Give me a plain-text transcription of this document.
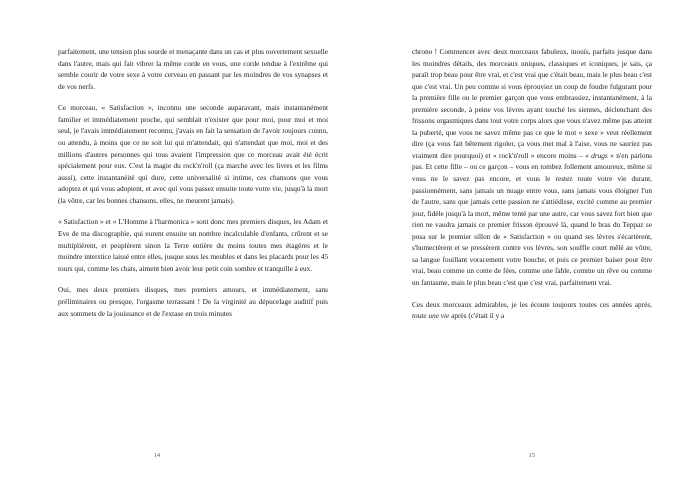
parfaitement, une tension plus sourde et menaçante dans un cas et plus ouvertement sexuelle dans l'autre, mais qui fait vibrer la même corde en vous, une corde tendue à l'extrême qui semble courir de votre sexe à votre cerveau en passant par les moindres de vos synapses et de vos nerfs.

Ce morceau, « Satisfaction », inconnu une seconde auparavant, mais instantanément familier et immédiatement proche, qui semblait n'exister que pour moi, pour moi et moi seul, je l'avais immédiatement reconnu, j'avais en fait la sensation de l'avoir toujours connu, ou attendu, à moins que ce ne soit lui qui m'attendait, qui n'attendait que moi, moi et des millions d'autres personnes qui tous avaient l'impression que ce morceau avait été écrit spécialement pour eux. C'est la magie du rock'n'roll (ça marche avec les livres et les films aussi), cette instantanéité qui dure, cette universalité si intime, ces chansons que vous adoptez et qui vous adoptent, et avec qui vous passez ensuite toute votre vie, jusqu'à la mort (la vôtre, car les bonnes chansons, elles, ne meurent jamais).

« Satisfaction » et « L'Homme à l'harmonica » sont donc mes premiers disques, les Adam et Eve de ma discographie, qui eurent ensuite un nombre incalculable d'enfants, crûrent et se multiplièrent, et peuplèrent sinon la Terre entière du moins toutes mes étagères et le moindre interstice laissé entre elles, jusque sous les meubles et dans les placards pour les 45 tours qui, comme les chats, aiment bien avoir leur petit coin sombre et tranquille à eux.

Oui, mes deux premiers disques, mes premiers amours, et immédiatement, sans préliminaires ou presque, l'orgasme terrassant ! De la virginité au dépucelage auditif puis aux sommets de la jouissance et de l'extase en trois minutes

14

chrono ! Commencer avec deux morceaux fabuleux, inouïs, parfaits jusque dans les moindres détails, des morceaux uniques, classiques et iconiques, je sais, ça paraît trop beau pour être vrai, et c'est vrai que c'était beau, mais le plus beau c'est que c'est vrai. Un peu comme si vous éprouviez un coup de foudre fulgurant pour la première fille ou le premier garçon que vous embrassiez, instantanément, à la première seconde, à peine vos lèvres ayant touché les siennes, déclenchant des frissons orgasmiques dans tout votre corps alors que vous n'avez même pas atteint la puberté, que vous ne savez même pas ce que le mot « sexe » veut réellement dire (ça vous fait bêtement rigoler, ça vous met mal à l'aise, vous ne sauriez pas vraiment dire pourquoi) et « rock'n'roll » encore moins – « drugs » n'en parlons pas. Et cette fille – ou ce garçon – vous en tombez follement amoureux, même si vous ne le savez pas encore, et vous le restez toute votre vie durant, passionnément, sans jamais un nuage entre vous, sans jamais vous éloigner l'un de l'autre, sans que jamais cette passion ne s'attiédisse, excité comme au premier jour, fidèle jusqu'à la mort, même tenté par une autre, car vous savez fort bien que rien ne vaudra jamais ce premier frisson éprouvé là, quand le bras du Teppaz se posa sur le premier sillon de « Satisfaction » ou quand ses lèvres s'écartèrent, s'humectèrent et se pressèrent contre vos lèvres, son souffle court mêlé au vôtre, sa langue fouillant voracement votre bouche, et puis ce premier baiser pour être vrai, beau comme un conte de fées, comme une fable, comme un rêve ou comme un fantasme, mais le plus beau c'est que c'est vrai, parfaitement vrai.

Ces deux morceaux admirables, je les écoute toujours toutes ces années après, toute une vie après (c'était il y a

15
